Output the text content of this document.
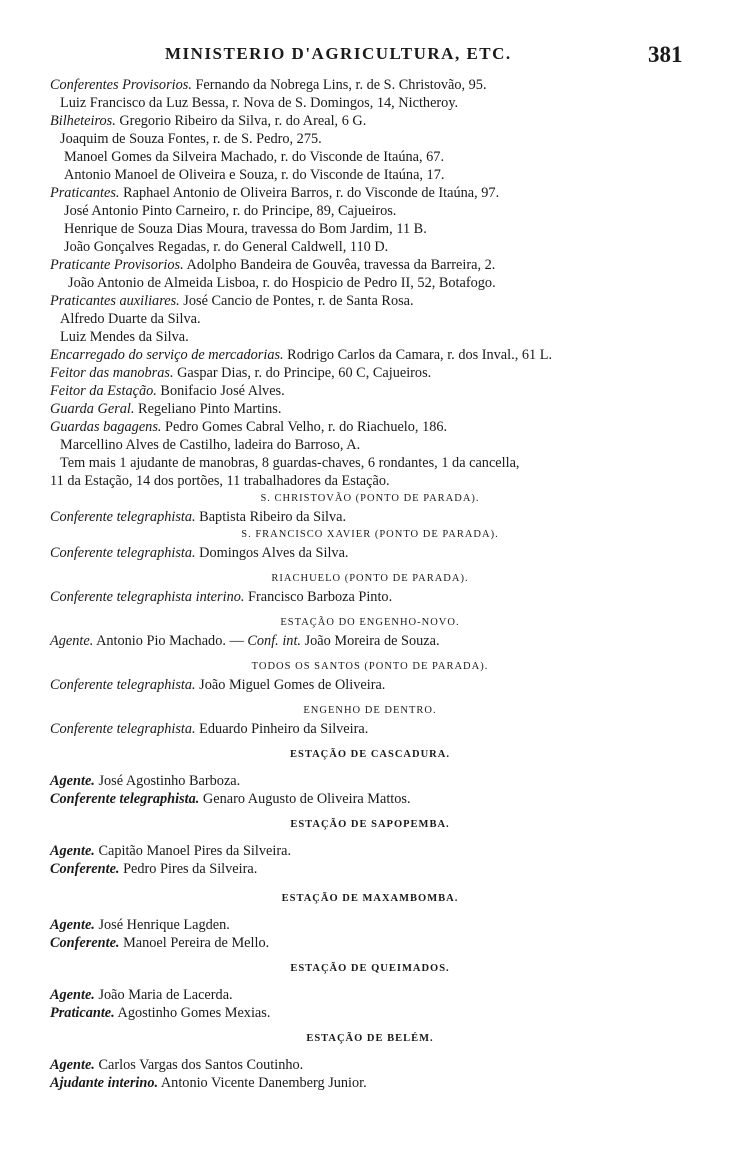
MINISTERIO D'AGRICULTURA, ETC.	381
Conferentes Provisorios. Fernando da Nobrega Lins, r. de S. Christovão, 95.
Luiz Francisco da Luz Bessa, r. Nova de S. Domingos, 14, Nictheroy.
Bilheteiros. Gregorio Ribeiro da Silva, r. do Areal, 6 G.
Joaquim de Souza Fontes, r. de S. Pedro, 275.
Manoel Gomes da Silveira Machado, r. do Visconde de Itaúna, 67.
Antonio Manoel de Oliveira e Souza, r. do Visconde de Itaúna, 17.
Praticantes. Raphael Antonio de Oliveira Barros, r. do Visconde de Itaúna, 97.
José Antonio Pinto Carneiro, r. do Principe, 89, Cajueiros.
Henrique de Souza Dias Moura, travessa do Bom Jardim, 11 B.
João Gonçalves Regadas, r. do General Caldwell, 110 D.
Praticante Provisorios. Adolpho Bandeira de Gouvêa, travessa da Barreira, 2.
João Antonio de Almeida Lisboa, r. do Hospicio de Pedro II, 52, Botafogo.
Praticantes auxiliares. José Cancio de Pontes, r. de Santa Rosa.
Alfredo Duarte da Silva.
Luiz Mendes da Silva.
Encarregado do serviço de mercadorias. Rodrigo Carlos da Camara, r. dos Inval., 61 L.
Feitor das manobras. Gaspar Dias, r. do Principe, 60 C, Cajueiros.
Feitor da Estação. Bonifacio José Alves.
Guarda Geral. Regeliano Pinto Martins.
Guardas bagagens. Pedro Gomes Cabral Velho, r. do Riachuelo, 186.
Marcellino Alves de Castilho, ladeira do Barroso, A.
Tem mais 1 ajudante de manobras, 8 guardas-chaves, 6 rondantes, 1 da cancella,
11 da Estação, 14 dos portões, 11 trabalhadores da Estação.
S. CHRISTOVÃO (PONTO DE PARADA).
Conferente telegraphista. Baptista Ribeiro da Silva.
S. FRANCISCO XAVIER (PONTO DE PARADA).
Conferente telegraphista. Domingos Alves da Silva.
RIACHUELO (PONTO DE PARADA).
Conferente telegraphista interino. Francisco Barboza Pinto.
ESTAÇÃO DO ENGENHO-NOVO.
Agente. Antonio Pio Machado. — Conf. int. João Moreira de Souza.
TODOS OS SANTOS (PONTO DE PARADA).
Conferente telegraphista. João Miguel Gomes de Oliveira.
ENGENHO DE DENTRO.
Conferente telegraphista. Eduardo Pinheiro da Silveira.
ESTAÇÃO DE CASCADURA.
Agente. José Agostinho Barboza.
Conferente telegraphista. Genaro Augusto de Oliveira Mattos.
ESTAÇÃO DE SAPOPEMBA.
Agente. Capitão Manoel Pires da Silveira.
Conferente. Pedro Pires da Silveira.
ESTAÇÃO DE MAXAMBOMBA.
Agente. José Henrique Lagden.
Conferente. Manoel Pereira de Mello.
ESTAÇÃO DE QUEIMADOS.
Agente. João Maria de Lacerda.
Praticante. Agostinho Gomes Mexias.
ESTAÇÃO DE BELÉM.
Agente. Carlos Vargas dos Santos Coutinho.
Ajudante interino. Antonio Vicente Danemberg Junior.
